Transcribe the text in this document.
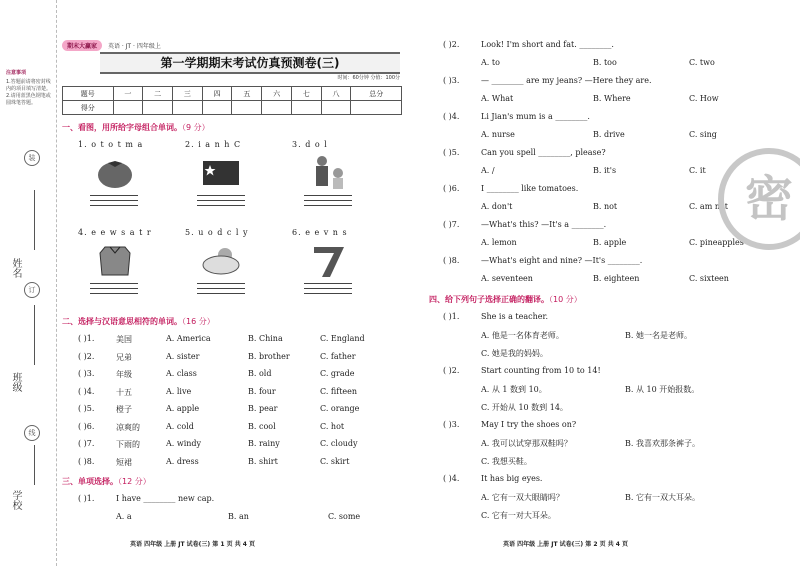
注意事项
1.答题前请将密封线内的项目填写清楚。2.请用蓝黑色钢笔或圆珠笔答题。
装
姓名
订
班级
线
学校
期末大赢家 英语 · JT · 四年级上
第一学期期末考试仿真预测卷(三)
时间：60分钟 分值：100分
题号	一	二	三	四	五	六	七	八	总分
得分									
一、看图，用所给字母组合单词。（9 分）
1. o t o t m a	2. i a n h C	3. d o l
4. e e w s a t r	5. u o d c l y	6. e e v n s
二、选择与汉语意思相符的单词。（16 分）
( )1.	美国	A. America	B. China	C. England
( )2.	兄弟	A. sister	B. brother	C. father
( )3.	年级	A. class	B. old	C. grade
( )4.	十五	A. live	B. four	C. fifteen
( )5.	橙子	A. apple	B. pear	C. orange
( )6.	凉爽的	A. cold	B. cool	C. hot
( )7.	下雨的	A. windy	B. rainy	C. cloudy
( )8.	短裙	A. dress	B. shirt	C. skirt
三、单项选择。（12 分）
( )1.	I have ________ new cap.
A. a	B. an	C. some
英语 四年级 上册 JT 试卷(三) 第 1 页 共 4 页
( )2.	Look! I'm short and fat. ________.
A. to	B. too	C. two
( )3.	— ________ are my jeans? —Here they are.
A. What	B. Where	C. How
( )4.	Li Jian's mum is a ________.
A. nurse	B. drive	C. sing
( )5.	Can you spell ________, please?
A. /	B. it's	C. it
( )6.	I ________ like tomatoes.
A. don't	B. not	C. am not
( )7.	—What's this? —It's a ________.
A. lemon	B. apple	C. pineapples
( )8.	—What's eight and nine? —It's ________.
A. seventeen	B. eighteen	C. sixteen
四、给下列句子选择正确的翻译。（10 分）
( )1.	She is a teacher.
A. 他是一名体育老师。	B. 她一名是老师。
C. 她是我的妈妈。
( )2.	Start counting from 10 to 14!
A. 从 1 数到 10。	B. 从 10 开始报数。
C. 开始从 10 数到 14。
( )3.	May I try the shoes on?
A. 我可以试穿那双鞋吗？	B. 我喜欢那条裤子。
C. 我想买鞋。
( )4.	It has big eyes.
A. 它有一双大眼睛吗？	B. 它有一双大耳朵。
C. 它有一对大耳朵。
英语 四年级 上册 JT 试卷(三) 第 2 页 共 4 页
密
